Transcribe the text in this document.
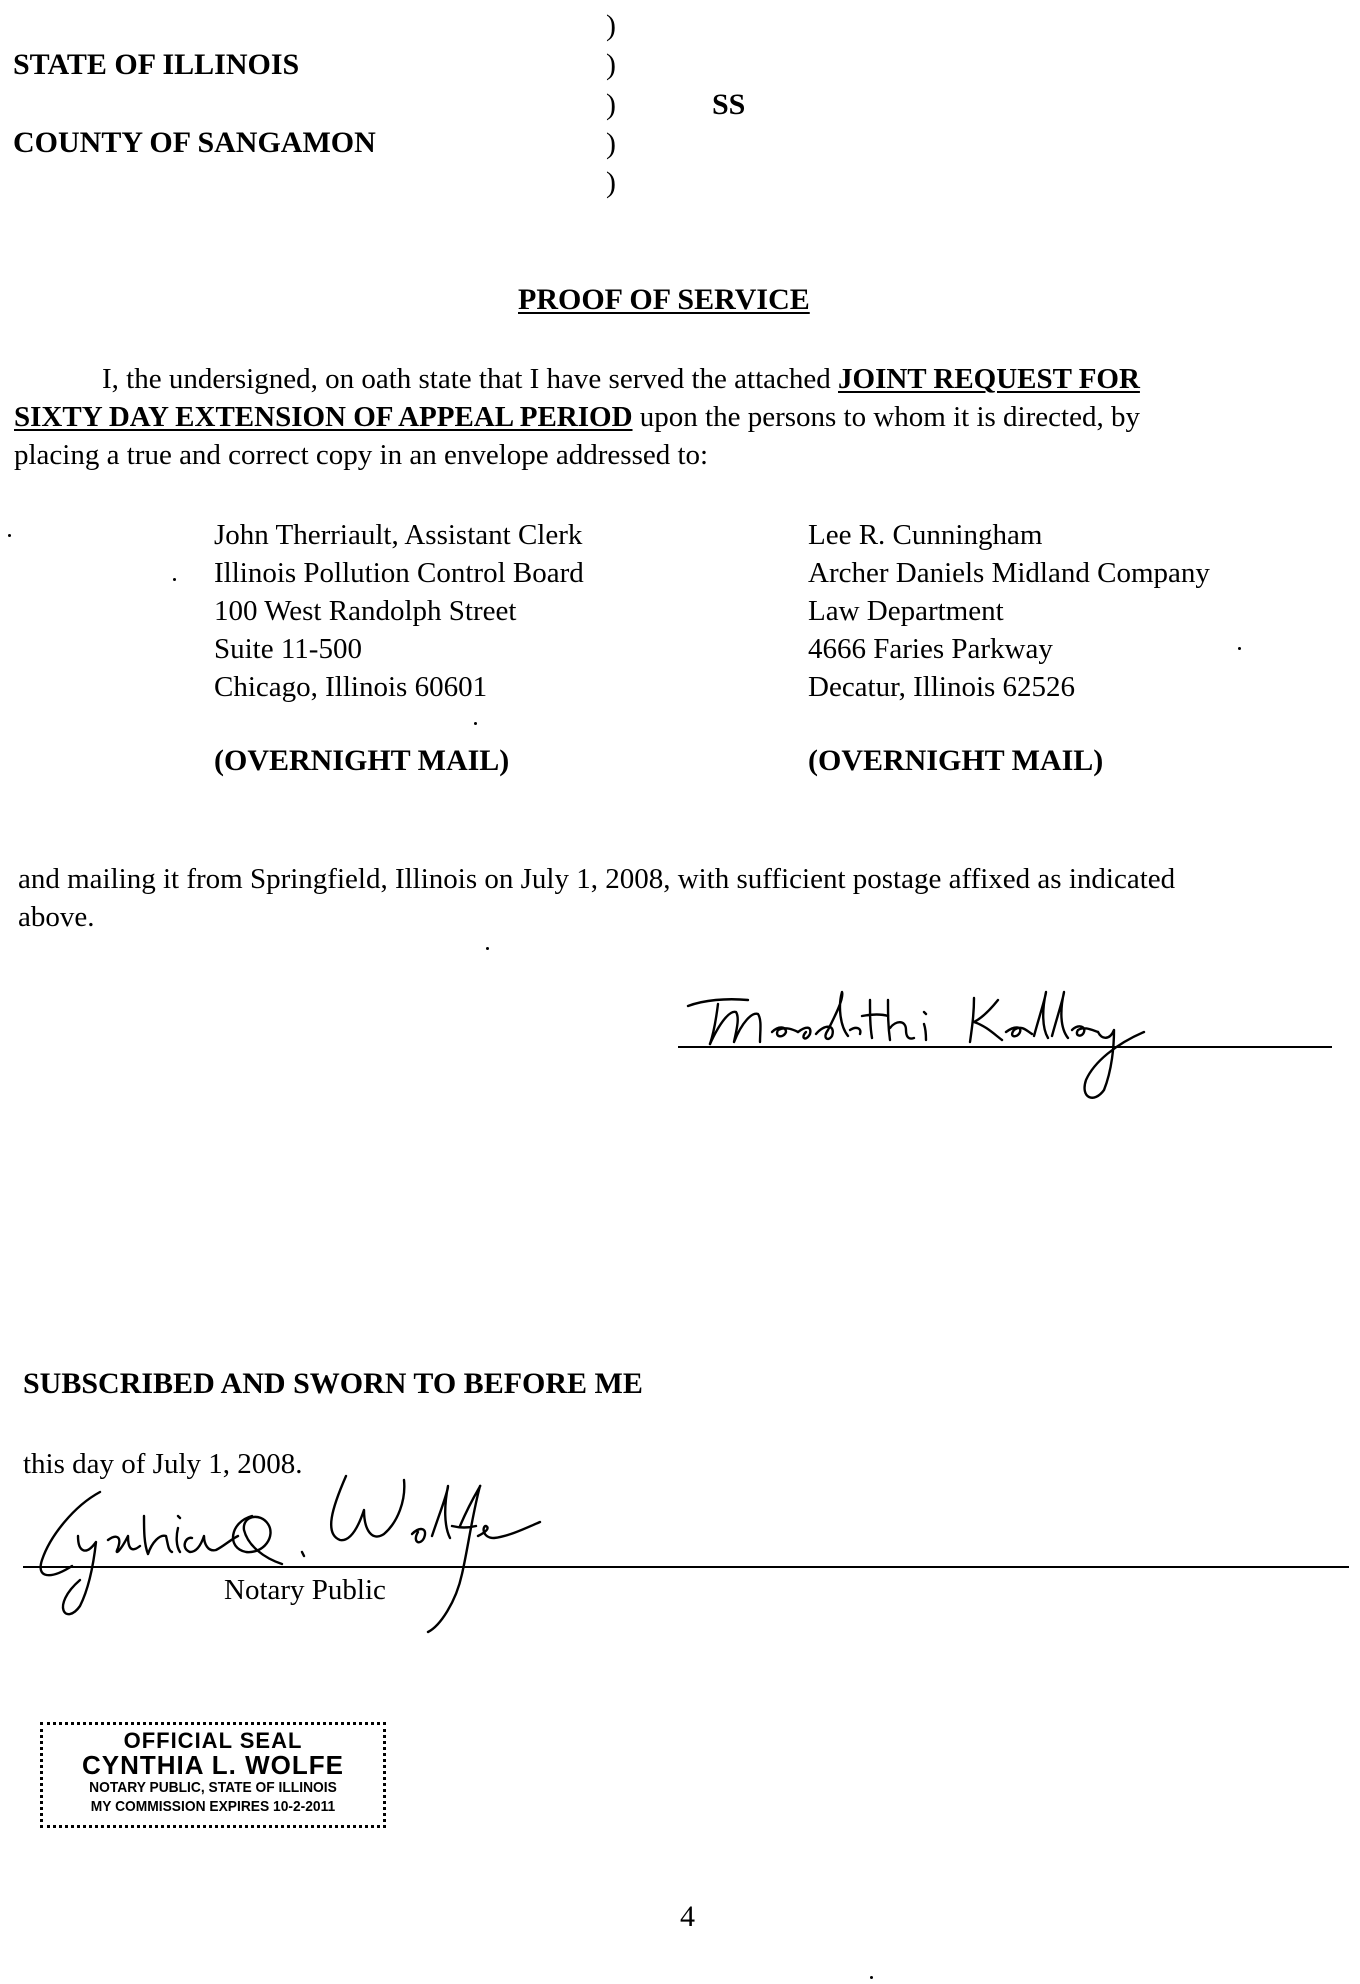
STATE OF ILLINOIS
COUNTY OF SANGAMON
SS
)
)
)
)
)
PROOF OF SERVICE
I, the undersigned, on oath state that I have served the attached JOINT REQUEST FOR
SIXTY DAY EXTENSION OF APPEAL PERIOD upon the persons to whom it is directed, by
placing a true and correct copy in an envelope addressed to:
John Therriault, Assistant Clerk
Illinois Pollution Control Board
100 West Randolph Street
Suite 11-500
Chicago, Illinois 60601
Lee R. Cunningham
Archer Daniels Midland Company
Law Department
4666 Faries Parkway
Decatur, Illinois 62526
(OVERNIGHT MAIL)	(OVERNIGHT MAIL)
and mailing it from Springfield, Illinois on July 1, 2008, with sufficient postage affixed as indicated
above.
SUBSCRIBED AND SWORN TO BEFORE ME
this day of July 1, 2008.
Notary Public
OFFICIAL SEAL
CYNTHIA L. WOLFE
NOTARY PUBLIC, STATE OF ILLINOIS
MY COMMISSION EXPIRES 10-2-2011
4
